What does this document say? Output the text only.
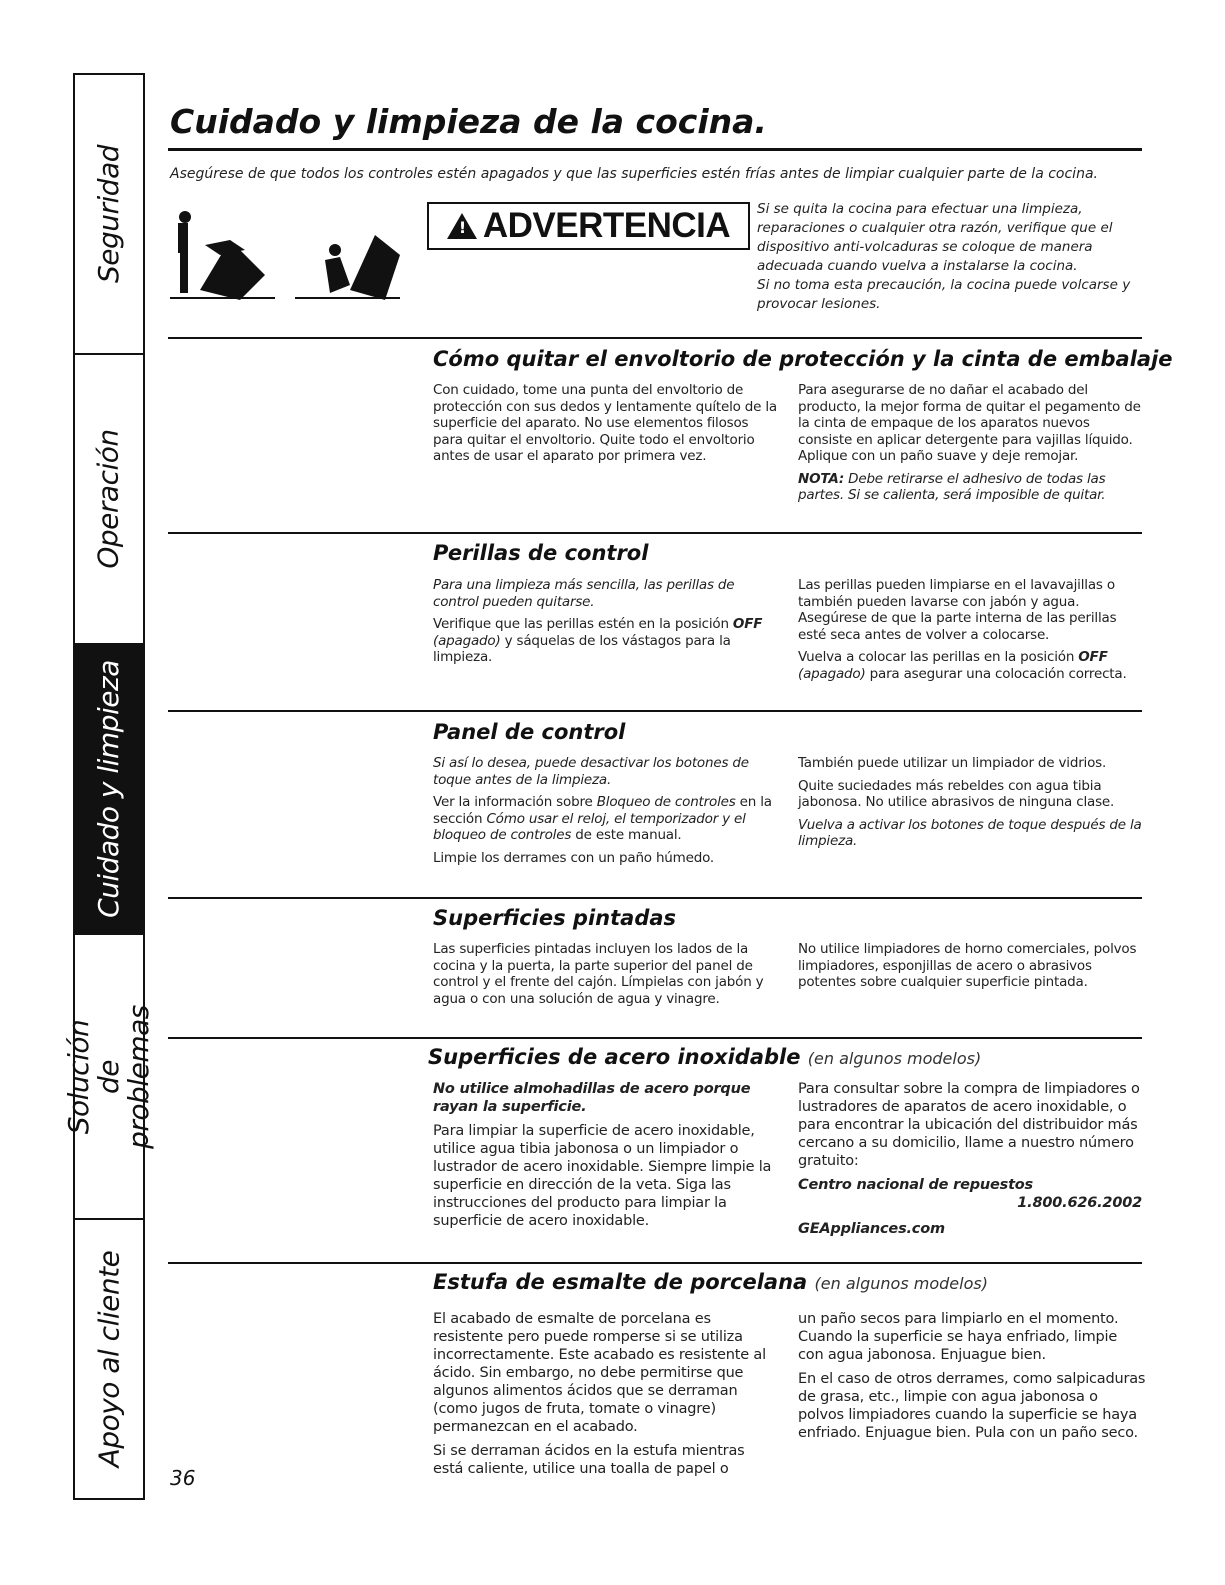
Seguridad
Operación
Cuidado y limpieza
Solución de
problemas
Apoyo al cliente
Cuidado y limpieza de la cocina.
Asegúrese de que todos los controles estén apagados y que las superficies estén frías antes de limpiar cualquier parte de la cocina.
! ADVERTENCIA Si se quita la cocina para efectuar una limpieza, reparaciones o cualquier otra razón, verifique que el dispositivo anti-volcaduras se coloque de manera adecuada cuando vuelva a instalarse la cocina.

Si no toma esta precaución, la cocina puede volcarse y provocar lesiones.

Cómo quitar el envoltorio de protección y la cinta de embalaje

Con cuidado, tome una punta del envoltorio de protección con sus dedos y lentamente quítelo de la superficie del aparato. No use elementos filosos para quitar el envoltorio. Quite todo el envoltorio antes de usar el aparato por primera vez.

Para asegurarse de no dañar el acabado del producto, la mejor forma de quitar el pegamento de la cinta de empaque de los aparatos nuevos consiste en aplicar detergente para vajillas líquido. Aplique con un paño suave y deje remojar.

NOTA: Debe retirarse el adhesivo de todas las partes. Si se calienta, será imposible de quitar.

Perillas de control

Para una limpieza más sencilla, las perillas de control pueden quitarse.

Verifique que las perillas estén en la posición OFF (apagado) y sáquelas de los vástagos para la limpieza.

Las perillas pueden limpiarse en el lavavajillas o también pueden lavarse con jabón y agua. Asegúrese de que la parte interna de las perillas esté seca antes de volver a colocarse.

Vuelva a colocar las perillas en la posición OFF (apagado) para asegurar una colocación correcta.

Panel de control

Si así lo desea, puede desactivar los botones de toque antes de la limpieza.

Ver la información sobre Bloqueo de controles en la sección Cómo usar el reloj, el temporizador y el bloqueo de controles de este manual.

Limpie los derrames con un paño húmedo.

También puede utilizar un limpiador de vidrios.

Quite suciedades más rebeldes con agua tibia jabonosa. No utilice abrasivos de ninguna clase.

Vuelva a activar los botones de toque después de la limpieza.

Superficies pintadas

Las superficies pintadas incluyen los lados de la cocina y la puerta, la parte superior del panel de control y el frente del cajón. Límpielas con jabón y agua o con una solución de agua y vinagre.

No utilice limpiadores de horno comerciales, polvos limpiadores, esponjillas de acero o abrasivos potentes sobre cualquier superficie pintada.

Superficies de acero inoxidable (en algunos modelos)

No utilice almohadillas de acero porque rayan la superficie.

Para limpiar la superficie de acero inoxidable, utilice agua tibia jabonosa o un limpiador o lustrador de acero inoxidable. Siempre limpie la superficie en dirección de la veta. Siga las instrucciones del producto para limpiar la superficie de acero inoxidable.

Para consultar sobre la compra de limpiadores o lustradores de aparatos de acero inoxidable, o para encontrar la ubicación del distribuidor más cercano a su domicilio, llame a nuestro número gratuito:

Centro nacional de repuestos

1.800.626.2002

GEAppliances.com

Estufa de esmalte de porcelana (en algunos modelos)

El acabado de esmalte de porcelana es resistente pero puede romperse si se utiliza incorrectamente. Este acabado es resistente al ácido. Sin embargo, no debe permitirse que algunos alimentos ácidos que se derraman (como jugos de fruta, tomate o vinagre) permanezcan en el acabado.

Si se derraman ácidos en la estufa mientras está caliente, utilice una toalla de papel o

un paño secos para limpiarlo en el momento. Cuando la superficie se haya enfriado, limpie con agua jabonosa. Enjuague bien.

En el caso de otros derrames, como salpicaduras de grasa, etc., limpie con agua jabonosa o polvos limpiadores cuando la superficie se haya enfriado. Enjuague bien. Pula con un paño seco.

36
